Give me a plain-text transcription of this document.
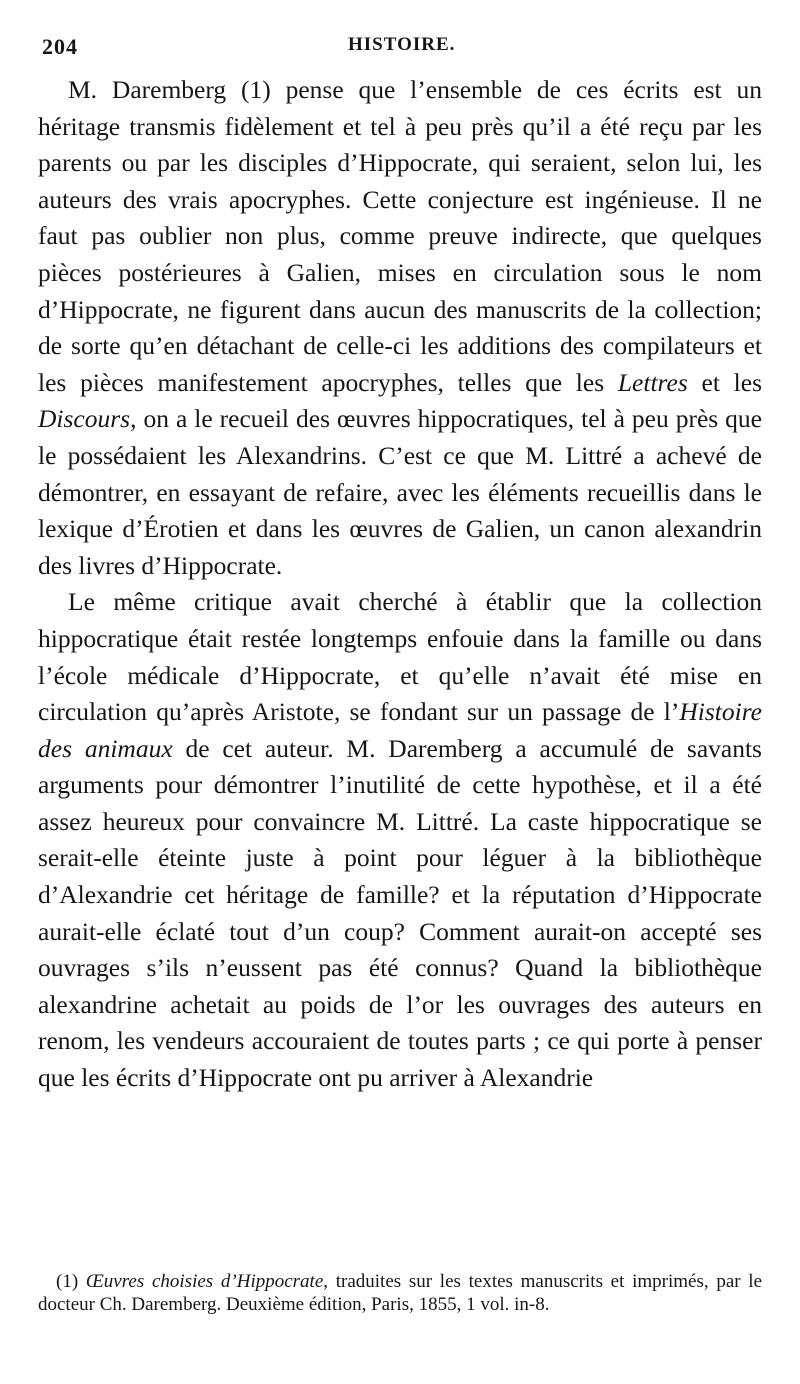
204	HISTOIRE.

M. Daremberg (1) pense que l’ensemble de ces écrits est un héritage transmis fidèlement et tel à peu près qu’il a été reçu par les parents ou par les disciples d’Hippocrate, qui seraient, selon lui, les auteurs des vrais apocryphes. Cette conjecture est ingénieuse. Il ne faut pas oublier non plus, comme preuve indirecte, que quelques pièces postérieures à Galien, mises en circulation sous le nom d’Hippocrate, ne figurent dans aucun des manuscrits de la collection; de sorte qu’en détachant de celle-ci les additions des compilateurs et les pièces manifestement apocryphes, telles que les Lettres et les Discours, on a le recueil des œuvres hippocratiques, tel à peu près que le possédaient les Alexandrins. C’est ce que M. Littré a achevé de démontrer, en essayant de refaire, avec les éléments recueillis dans le lexique d’Érotien et dans les œuvres de Galien, un canon alexandrin des livres d’Hippocrate.

Le même critique avait cherché à établir que la collection hippocratique était restée longtemps enfouie dans la famille ou dans l’école médicale d’Hippocrate, et qu’elle n’avait été mise en circulation qu’après Aristote, se fondant sur un passage de l’Histoire des animaux de cet auteur. M. Daremberg a accumulé de savants arguments pour démontrer l’inutilité de cette hypothèse, et il a été assez heureux pour convaincre M. Littré. La caste hippocratique se serait-elle éteinte juste à point pour léguer à la bibliothèque d’Alexandrie cet héritage de famille? et la réputation d’Hippocrate aurait-elle éclaté tout d’un coup? Comment aurait-on accepté ses ouvrages s’ils n’eussent pas été connus? Quand la bibliothèque alexandrine achetait au poids de l’or les ouvrages des auteurs en renom, les vendeurs accouraient de toutes parts ; ce qui porte à penser que les écrits d’Hippocrate ont pu arriver à Alexandrie

(1) Œuvres choisies d’Hippocrate, traduites sur les textes manuscrits et imprimés, par le docteur Ch. Daremberg. Deuxième édition, Paris, 1855, 1 vol. in-8.
